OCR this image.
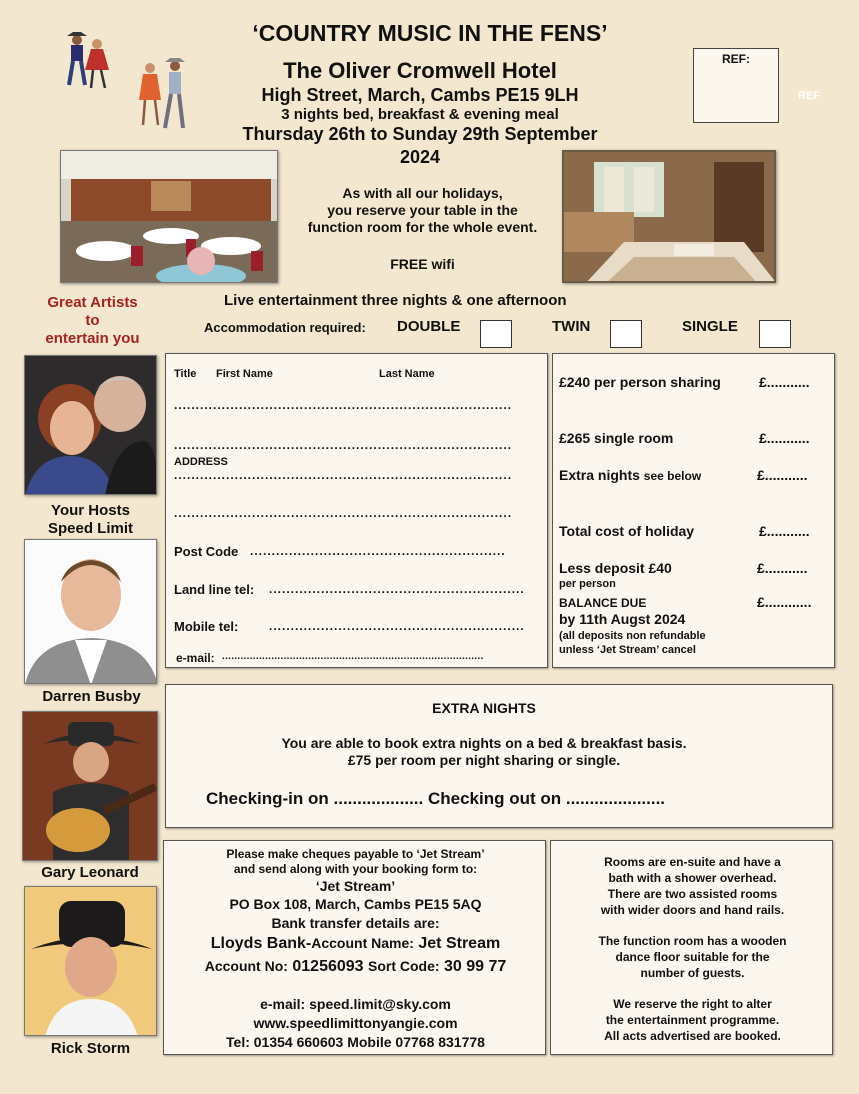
‘COUNTRY MUSIC IN THE FENS’
The Oliver Cromwell Hotel
High Street, March, Cambs PE15 9LH
3 nights bed, breakfast & evening meal
Thursday 26th to Sunday 29th September
2024
REF:
REF
As with all our holidays,
you reserve your table in the
function room for the whole event.
FREE wifi
Great Artists
to
entertain you
Live entertainment three nights & one afternoon
Accommodation required: DOUBLE	TWIN	SINGLE
Your Hosts
Speed Limit
Darren Busby
Gary Leonard
Rick Storm
Title First Name	Last Name
..............................................................................
..............................................................................
ADDRESS
..............................................................................
..............................................................................
Post Code ...........................................................
Land line tel: ...........................................................
Mobile tel:	...........................................................
e-mail: .....................................................................................
£240 per person sharing	£...........
£265 single room	£...........
Extra nights see below	£...........
Total cost of holiday	£...........
Less deposit £40	£...........
per person
BALANCE DUE	£............
by 11th Augst 2024
(all deposits non refundable
unless ‘Jet Stream’ cancel
EXTRA NIGHTS
You are able to book extra nights on a bed & breakfast basis.
£75 per room per night sharing or single.
Checking-in on ................... Checking out on .....................
Please make cheques payable to ‘Jet Stream’
and send along with your booking form to:
‘Jet Stream’
PO Box 108, March, Cambs PE15 5AQ
Bank transfer details are:
Lloyds Bank-Account Name: Jet Stream
Account No: 01256093 Sort Code: 30 99 77
e-mail: speed.limit@sky.com
www.speedlimittonyangie.com
Tel: 01354 660603 Mobile 07768 831778
Rooms are en-suite and have a
bath with a shower overhead.
There are two assisted rooms
with wider doors and hand rails.
The function room has a wooden
dance floor suitable for the
number of guests.
We reserve the right to alter
the entertainment programme.
All acts advertised are booked.
